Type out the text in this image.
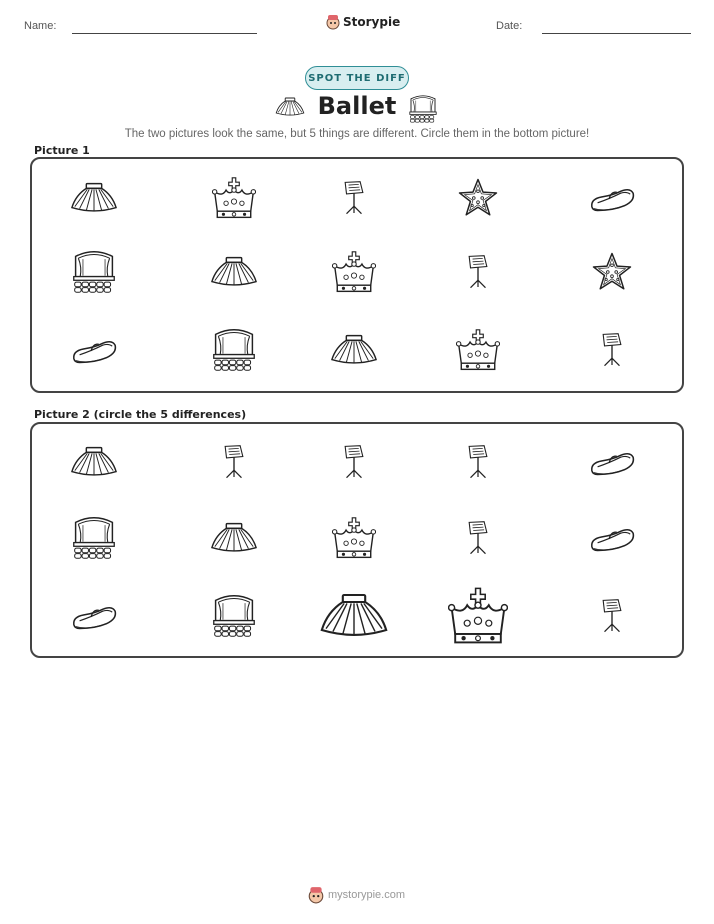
Name:	Storypie	Date:
SPOT THE DIFF
Ballet
The two pictures look the same, but 5 things are different. Circle them in the bottom picture!
Picture 1
Picture 2 (circle the 5 differences)
mystorypie.com
